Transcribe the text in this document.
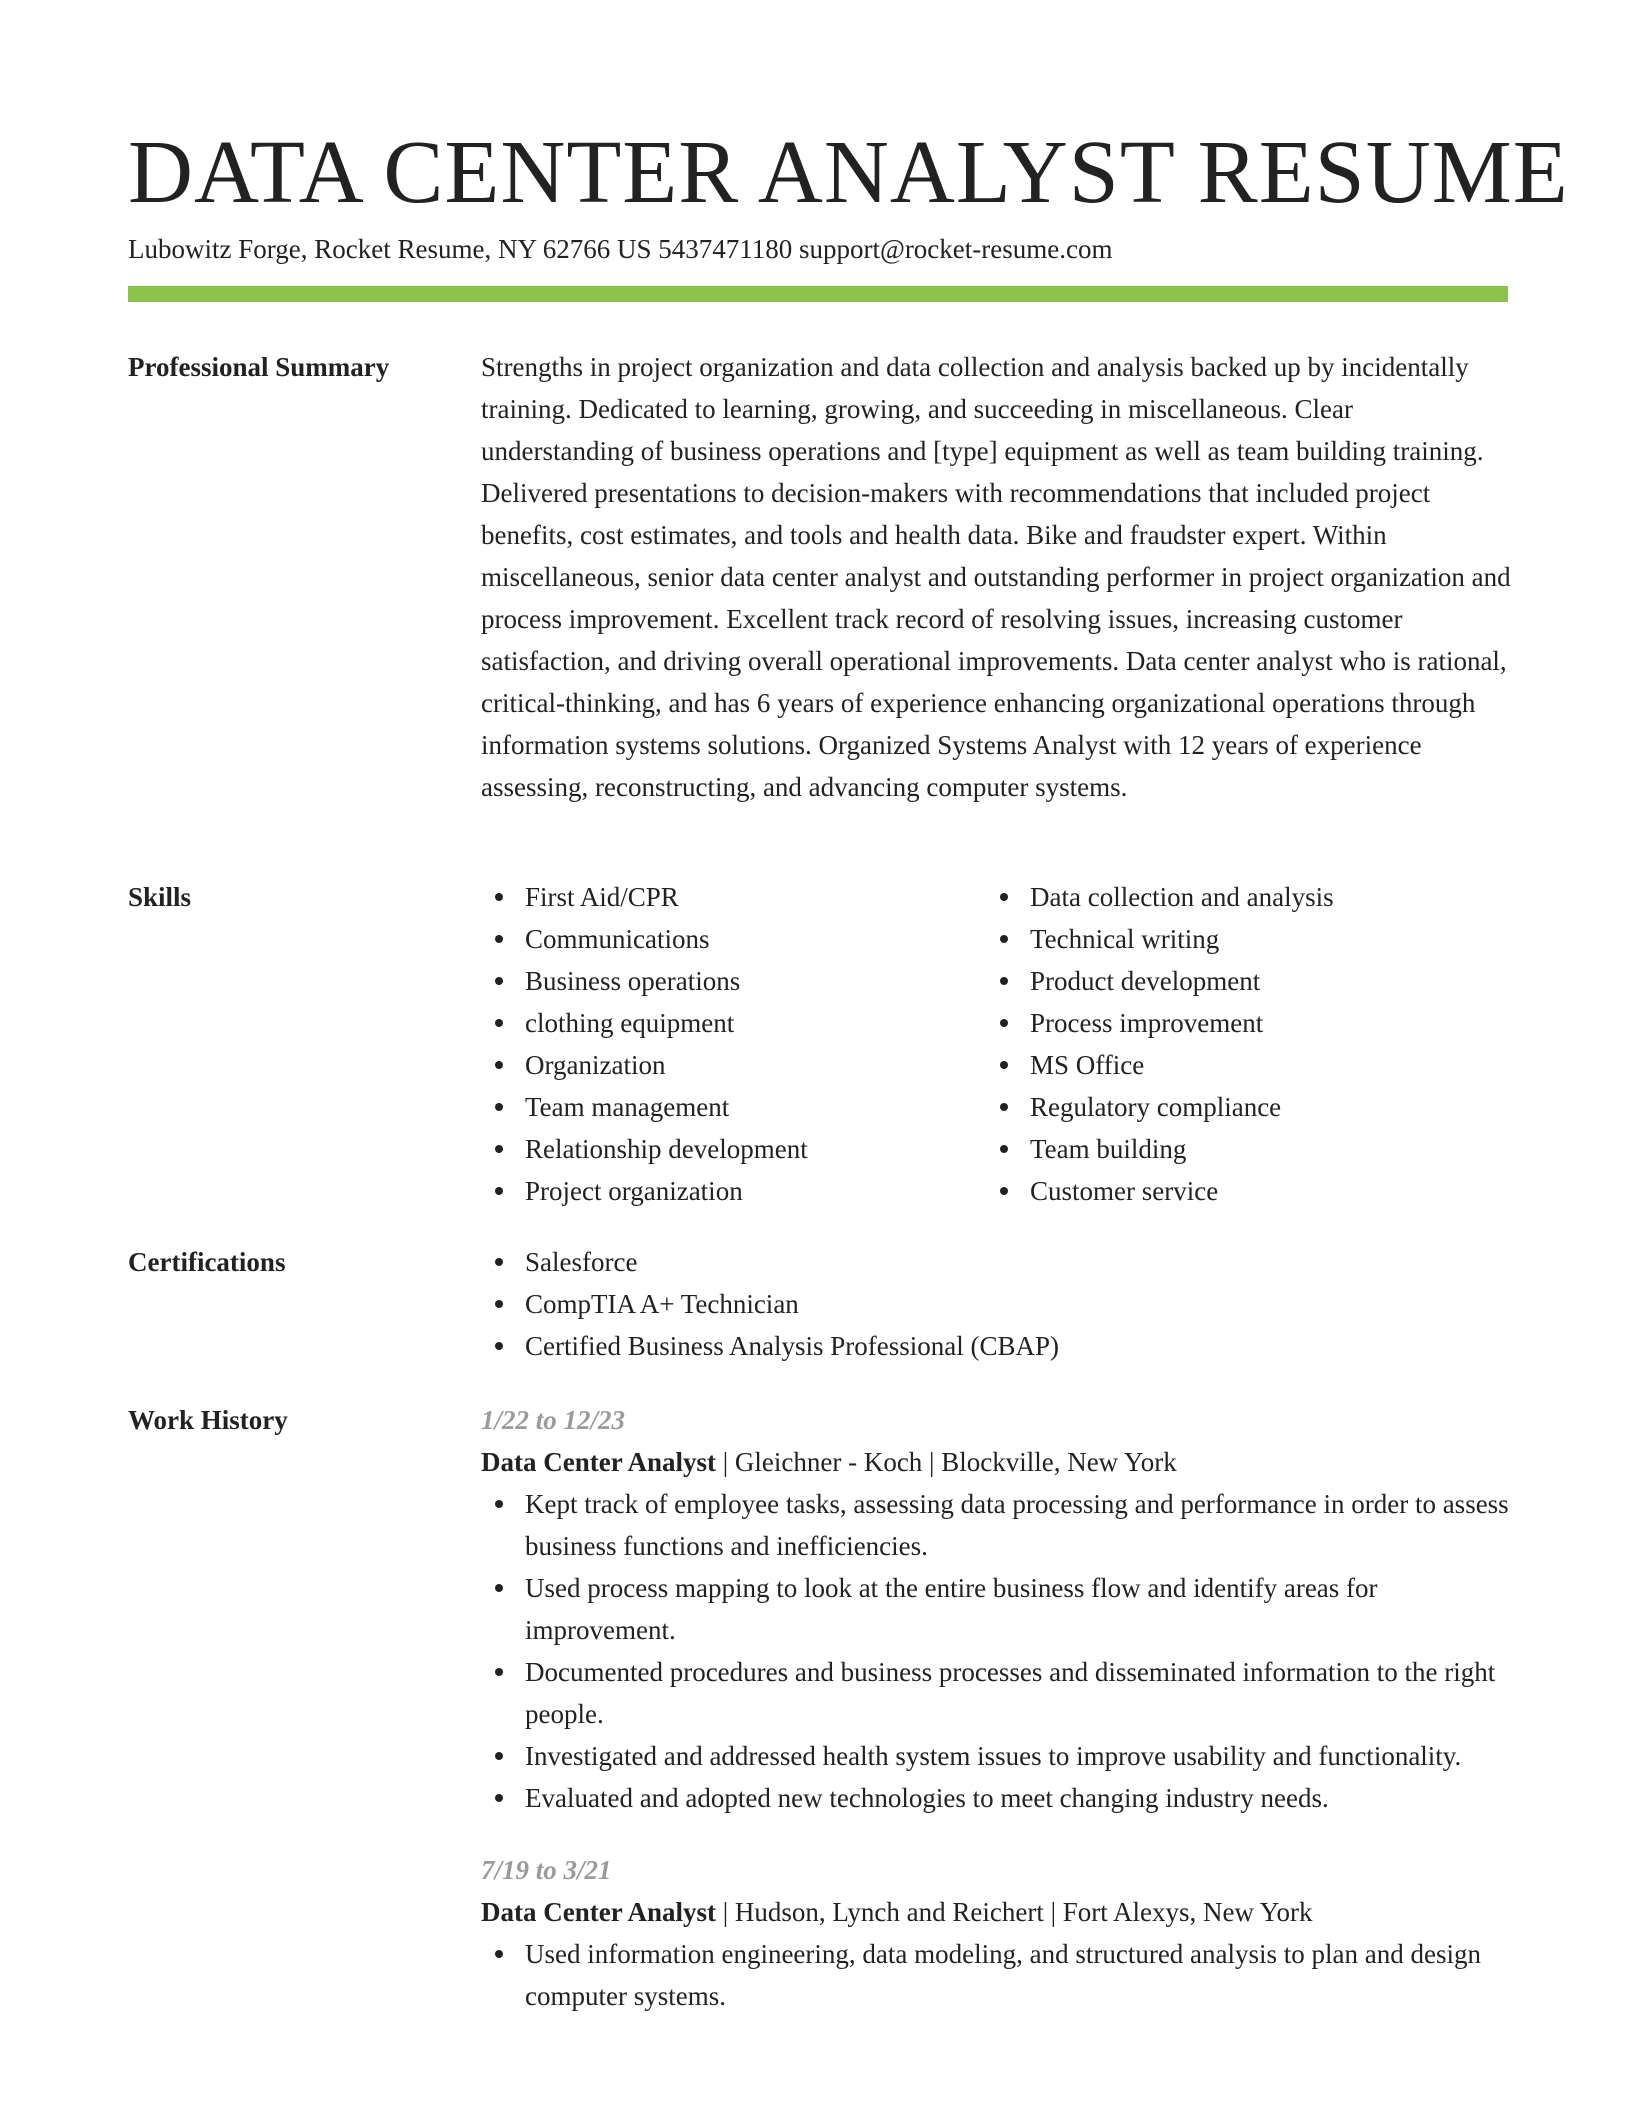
DATA CENTER ANALYST RESUME
Lubowitz Forge, Rocket Resume, NY 62766 US 5437471180 support@rocket-resume.com
Professional Summary	Strengths in project organization and data collection and analysis backed up by incidentally training. Dedicated to learning, growing, and succeeding in miscellaneous. Clear understanding of business operations and [type] equipment as well as team building training. Delivered presentations to decision-makers with recommendations that included project benefits, cost estimates, and tools and health data. Bike and fraudster expert. Within miscellaneous, senior data center analyst and outstanding performer in project organization and process improvement. Excellent track record of resolving issues, increasing customer satisfaction, and driving overall operational improvements. Data center analyst who is rational, critical-thinking, and has 6 years of experience enhancing organizational operations through information systems solutions. Organized Systems Analyst with 12 years of experience assessing, reconstructing, and advancing computer systems.

Skills	First Aid/CPR
Communications
Business operations
clothing equipment
Organization
Team management
Relationship development
Project organization
Data collection and analysis
Technical writing
Product development
Process improvement
MS Office
Regulatory compliance
Team building
Customer service
Certifications	Salesforce
CompTIA A+ Technician
Certified Business Analysis Professional (CBAP)
Work History	1/22 to 12/23
Data Center Analyst | Gleichner - Koch | Blockville, New York
Kept track of employee tasks, assessing data processing and performance in order to assess business functions and inefficiencies.
Used process mapping to look at the entire business flow and identify areas for improvement.
Documented procedures and business processes and disseminated information to the right people.
Investigated and addressed health system issues to improve usability and functionality.
Evaluated and adopted new technologies to meet changing industry needs.
7/19 to 3/21
Data Center Analyst | Hudson, Lynch and Reichert | Fort Alexys, New York
Used information engineering, data modeling, and structured analysis to plan and design computer systems.
